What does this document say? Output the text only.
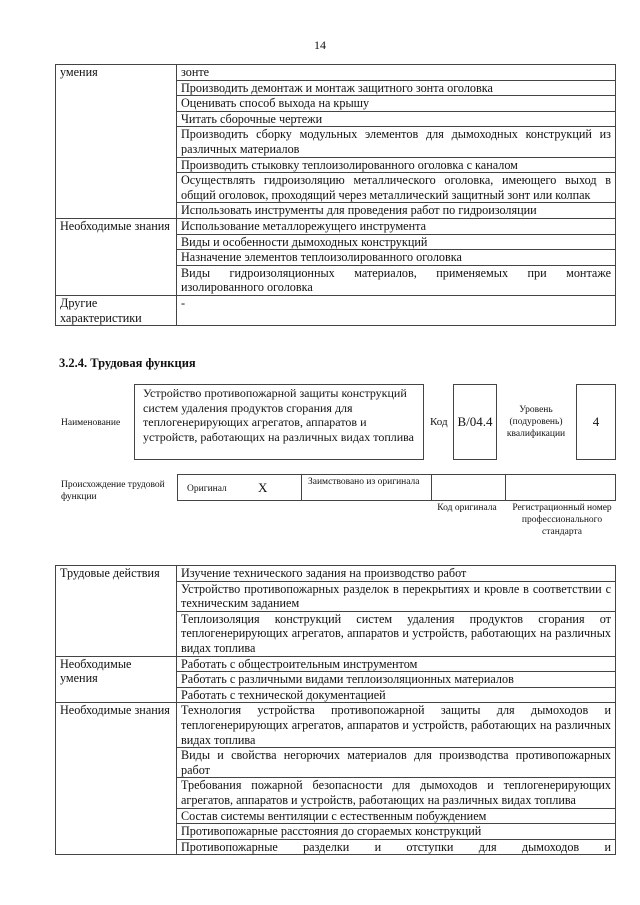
14
умения	зонте
	Производить демонтаж и монтаж защитного зонта оголовка
	Оценивать способ выхода на крышу
	Читать сборочные чертежи
	Производить сборку модульных элементов для дымоходных конструкций из различных материалов
	Производить стыковку теплоизолированного оголовка с каналом
	Осуществлять гидроизоляцию металлического оголовка, имеющего выход в общий оголовок, проходящий через металлический защитный зонт или колпак
	Использовать инструменты для проведения работ по гидроизоляции
Необходимые знания	Использование металлорежущего инструмента
	Виды и особенности дымоходных конструкций
	Назначение элементов теплоизолированного оголовка
	Виды гидроизоляционных материалов, применяемых при монтаже изолированного оголовка
Другие характеристики	-
3.2.4. Трудовая функция
Наименование
Устройство противопожарной защиты конструкций систем удаления продуктов сгорания для теплогенерирующих агрегатов, аппаратов и устройств, работающих на различных видах топлива
Код B/04.4
Уровень (подуровень) квалификации
4
Происхождение трудовой функции
Оригинал X	Заимствовано из оригинала
Код оригинала	Регистрационный номер профессионального стандарта
Трудовые действия	Изучение технического задания на производство работ
	Устройство противопожарных разделок в перекрытиях и кровле в соответствии с техническим заданием
	Теплоизоляция конструкций систем удаления продуктов сгорания от теплогенерирующих агрегатов, аппаратов и устройств, работающих на различных видах топлива
Необходимые умения	Работать с общестроительным инструментом
	Работать с различными видами теплоизоляционных материалов
	Работать с технической документацией
Необходимые знания	Технология устройства противопожарной защиты для дымоходов и теплогенерирующих агрегатов, аппаратов и устройств, работающих на различных видах топлива
	Виды и свойства негорючих материалов для производства противопожарных работ
	Требования пожарной безопасности для дымоходов и теплогенерирующих агрегатов, аппаратов и устройств, работающих на различных видах топлива
	Состав системы вентиляции с естественным побуждением
	Противопожарные расстояния до сгораемых конструкций
	Противопожарные разделки и отступки для дымоходов и
